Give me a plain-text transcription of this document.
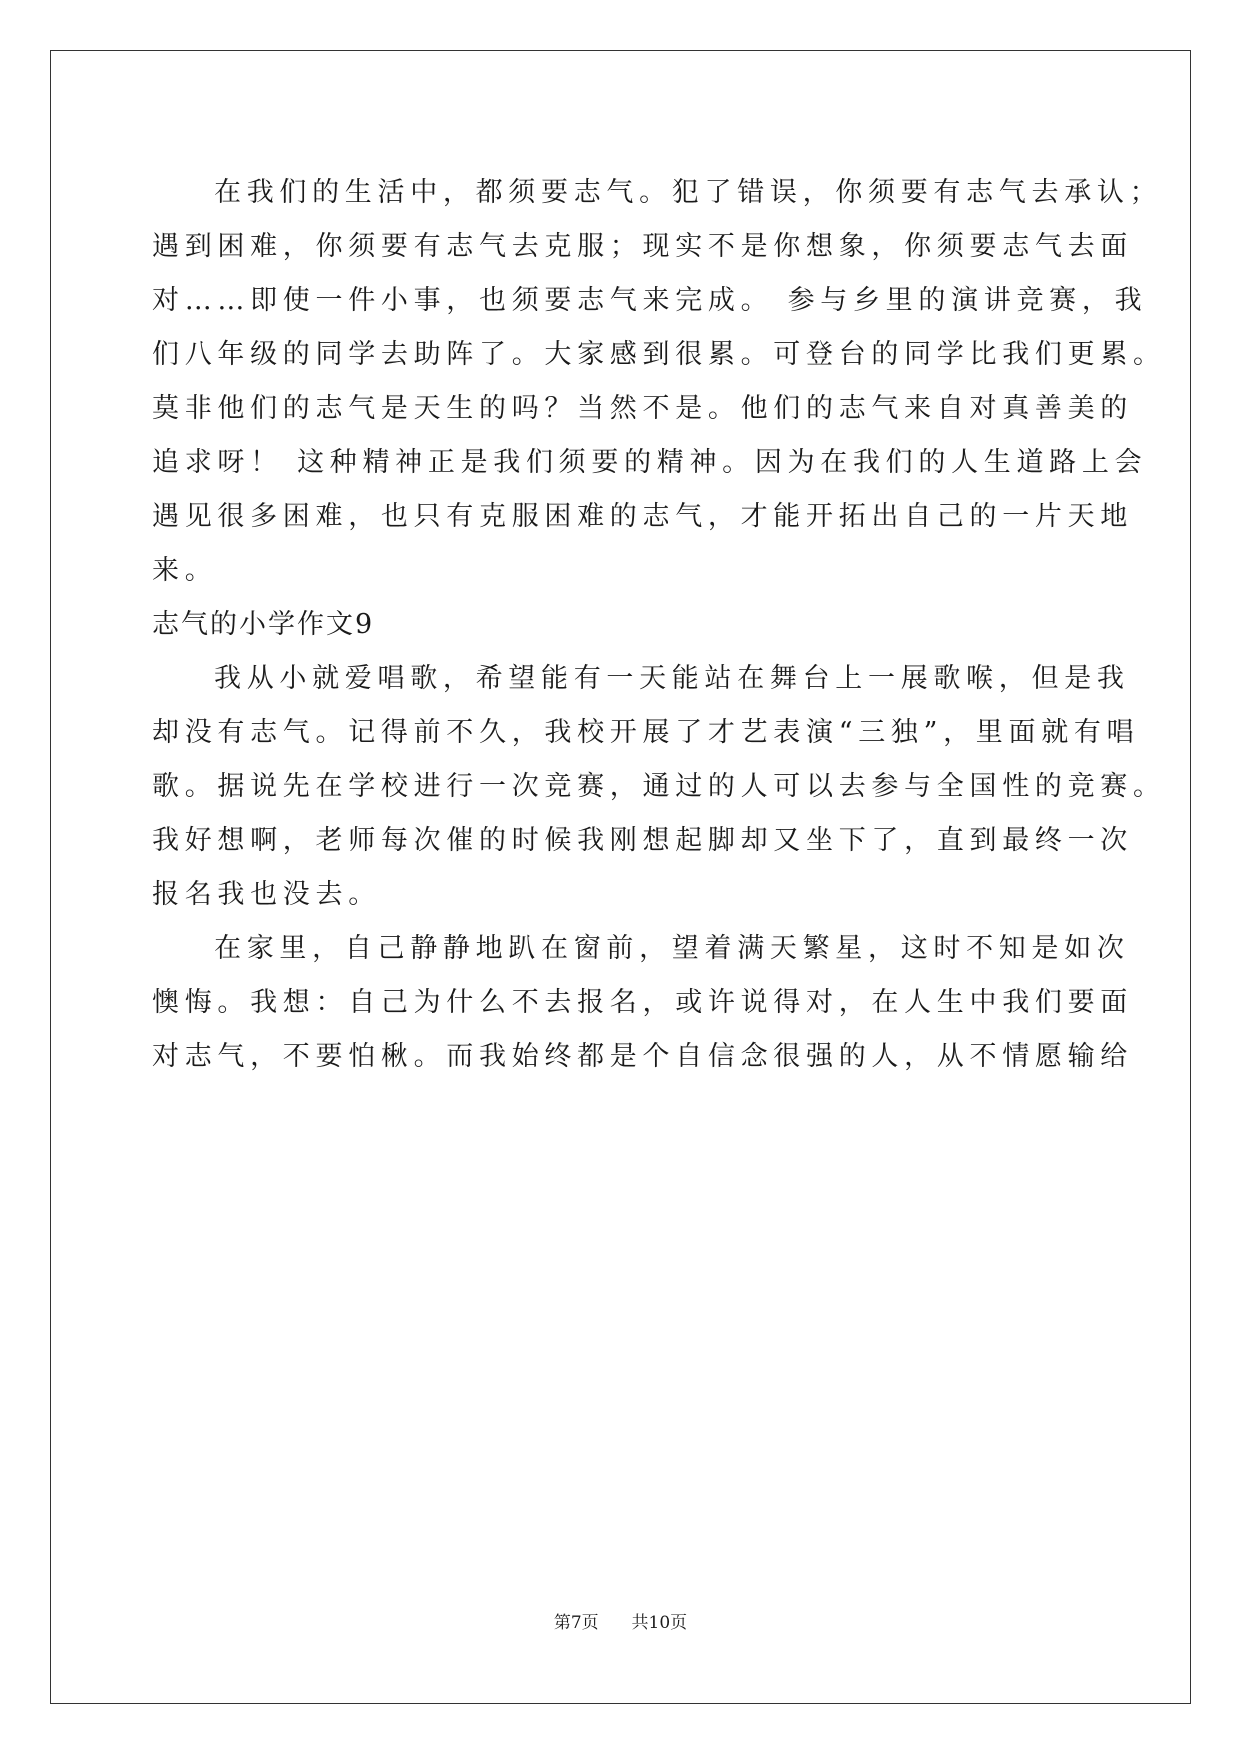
在我们的生活中，都须要志气。犯了错误，你须要有志气去承认；
遇到困难，你须要有志气去克服；现实不是你想象，你须要志气去面
对……即使一件小事，也须要志气来完成。 参与乡里的演讲竞赛，我
们八年级的同学去助阵了。大家感到很累。可登台的同学比我们更累。
莫非他们的志气是天生的吗？当然不是。他们的志气来自对真善美的
追求呀！ 这种精神正是我们须要的精神。因为在我们的人生道路上会
遇见很多困难，也只有克服困难的志气，才能开拓出自己的一片天地
来。
志气的小学作文9
我从小就爱唱歌，希望能有一天能站在舞台上一展歌喉，但是我
却没有志气。记得前不久，我校开展了才艺表演“三独”，里面就有唱
歌。据说先在学校进行一次竞赛，通过的人可以去参与全国性的竞赛。
我好想啊，老师每次催的时候我刚想起脚却又坐下了，直到最终一次
报名我也没去。
在家里，自己静静地趴在窗前，望着满天繁星，这时不知是如次
懊悔。我想：自己为什么不去报名，或许说得对，在人生中我们要面
对志气，不要怕楸。而我始终都是个自信念很强的人，从不情愿输给
第7页 共10页
